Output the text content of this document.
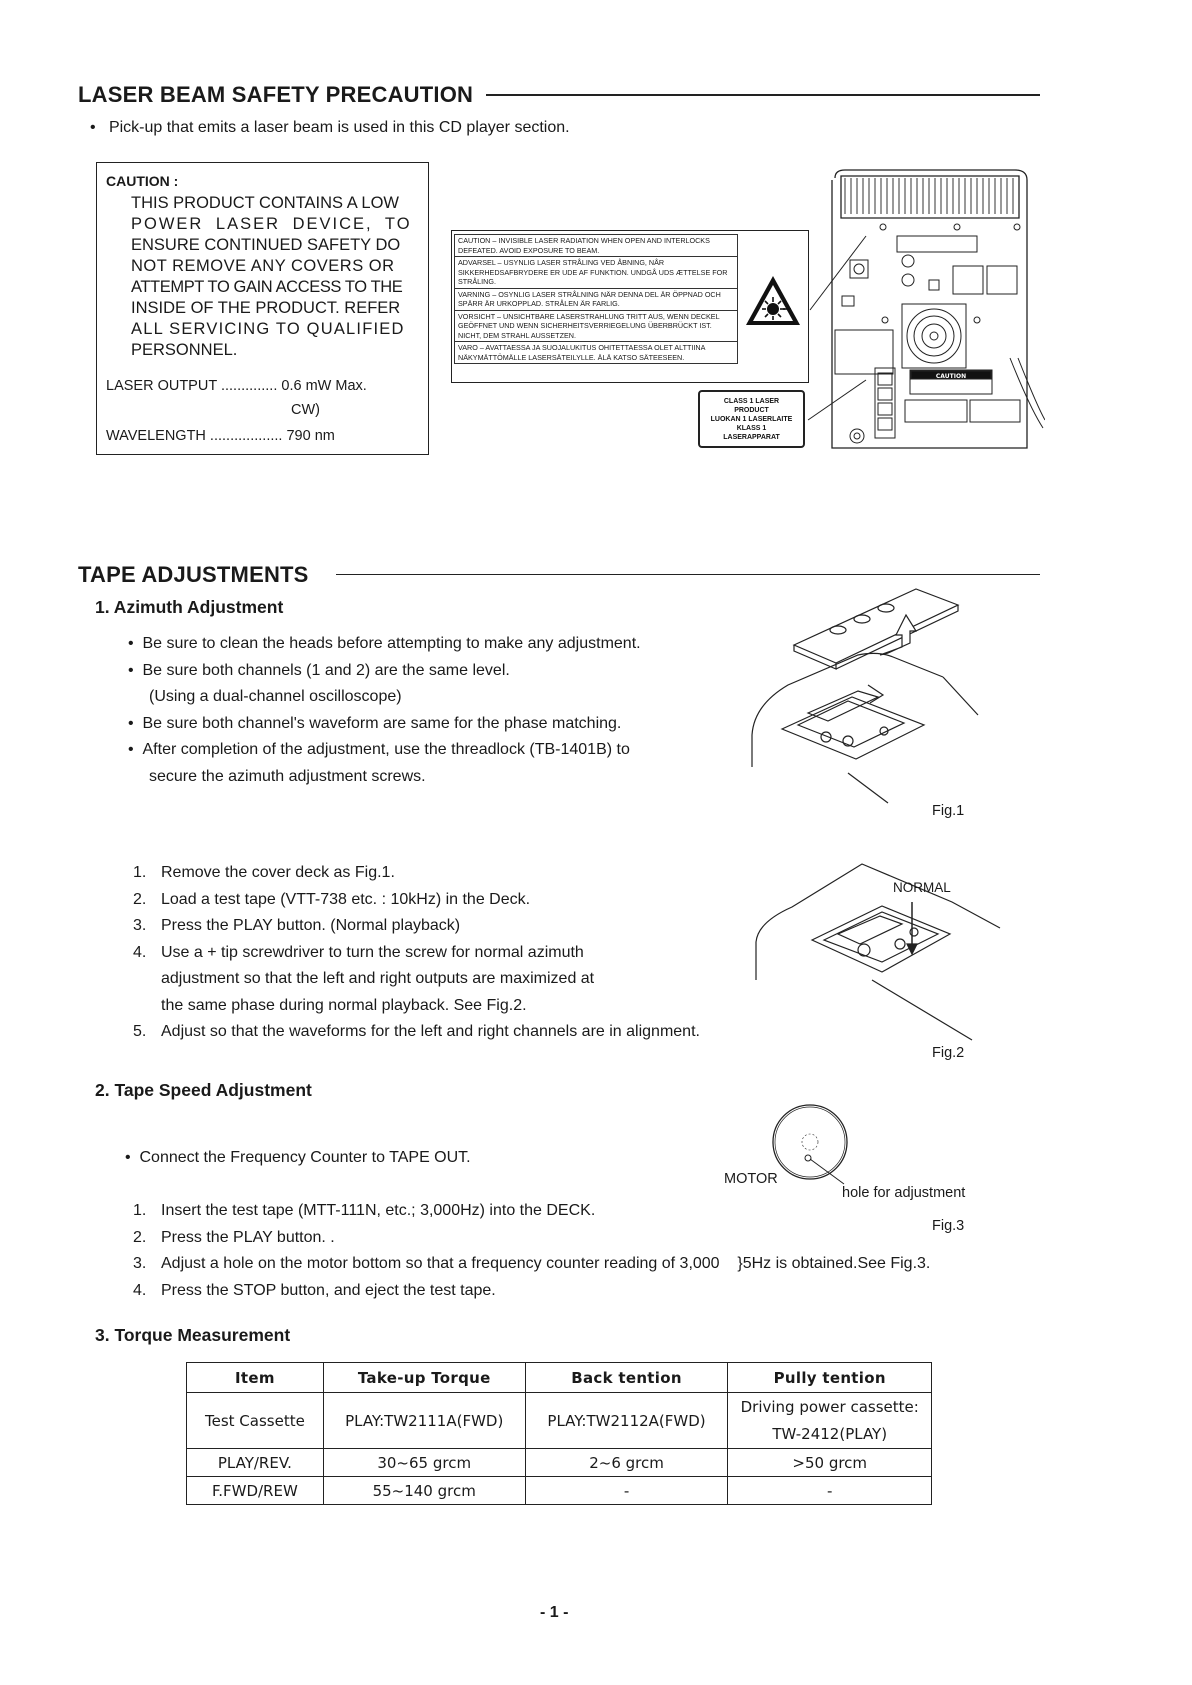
LASER BEAM SAFETY PRECAUTION
•   Pick-up that emits a laser beam is used in this CD player section.
CAUTION :
THIS PRODUCT CONTAINS A LOW
POWER LASER DEVICE, TO
ENSURE CONTINUED SAFETY DO
NOT REMOVE ANY COVERS OR
ATTEMPT TO GAIN ACCESS TO THE
INSIDE OF THE PRODUCT. REFER
ALL SERVICING TO QUALIFIED
PERSONNEL.
LASER OUTPUT .............. 0.6 mW Max.
CW)
WAVELENGTH .................. 790 nm
CAUTION – INVISIBLE LASER RADIATION WHEN OPEN AND INTERLOCKS DEFEATED. AVOID EXPOSURE TO BEAM.
ADVARSEL – USYNLIG LASER STRÅLING VED ÅBNING, NÅR SIKKERHEDSAFBRYDERE ER UDE AF FUNKTION. UNDGÅ UDS ÆTTELSE FOR STRÅLING.
VARNING – OSYNLIG LASER STRÅLNING NÄR DENNA DEL ÄR ÖPPNAD OCH SPÄRR ÄR URKOPPLAD. STRÅLEN ÄR FARLIG.
VORSICHT – UNSICHTBARE LASERSTRAHLUNG TRITT AUS, WENN DECKEL GEÖFFNET UND WENN SICHERHEITSVERRIEGELUNG ÜBERBRÜCKT IST. NICHT, DEM STRAHL AUSSETZEN.
VARO – AVATTAESSA JA SUOJALUKITUS OHITETTAESSA OLET ALTTIINA NÄKYMÄTTÖMÄLLE LASERSÄTEILYLLE. ÄLÄ KATSO SÄTEESEEN.
CLASS 1 LASER PRODUCT
LUOKAN 1 LASERLAITE
KLASS 1 LASERAPPARAT
CAUTION
TAPE ADJUSTMENTS
1. Azimuth Adjustment
•  Be sure to clean the heads before attempting to make any adjustment.
•  Be sure both channels (1 and 2) are the same level.
(Using a dual-channel oscilloscope)
•  Be sure both channel's waveform are same for the phase matching.
•  After completion of the adjustment, use the threadlock (TB-1401B) to
secure the azimuth adjustment screws.
Fig.1
1. Remove the cover deck as Fig.1.
2. Load a test tape (VTT-738 etc. : 10kHz) in the Deck.
3. Press the PLAY button. (Normal playback)
4. Use a + tip screwdriver to turn the screw for normal azimuth
adjustment so that the left and right outputs are maximized at
the same phase during normal playback. See Fig.2.
5. Adjust so that the waveforms for the left and right channels are in alignment.
NORMAL
Fig.2
2. Tape Speed Adjustment
•  Connect the Frequency Counter to TAPE OUT.
MOTOR
hole for adjustment
Fig.3
1. Insert the test tape (MTT-111N, etc.; 3,000Hz) into the DECK.
2. Press the PLAY button. .
3. Adjust a hole on the motor bottom so that a frequency counter reading of 3,000 }5Hz is obtained.See Fig.3.
4. Press the STOP button, and eject the test tape.
3. Torque Measurement
Item	Take-up Torque	Back tention	Pully tention
Test Cassette	PLAY:TW2111A(FWD)	PLAY:TW2112A(FWD)	Driving power cassette:
TW-2412(PLAY)

PLAY/REV.	30~65 grcm	2~6 grcm	>50 grcm
F.FWD/REW	55~140 grcm	-	-
- 1 -
